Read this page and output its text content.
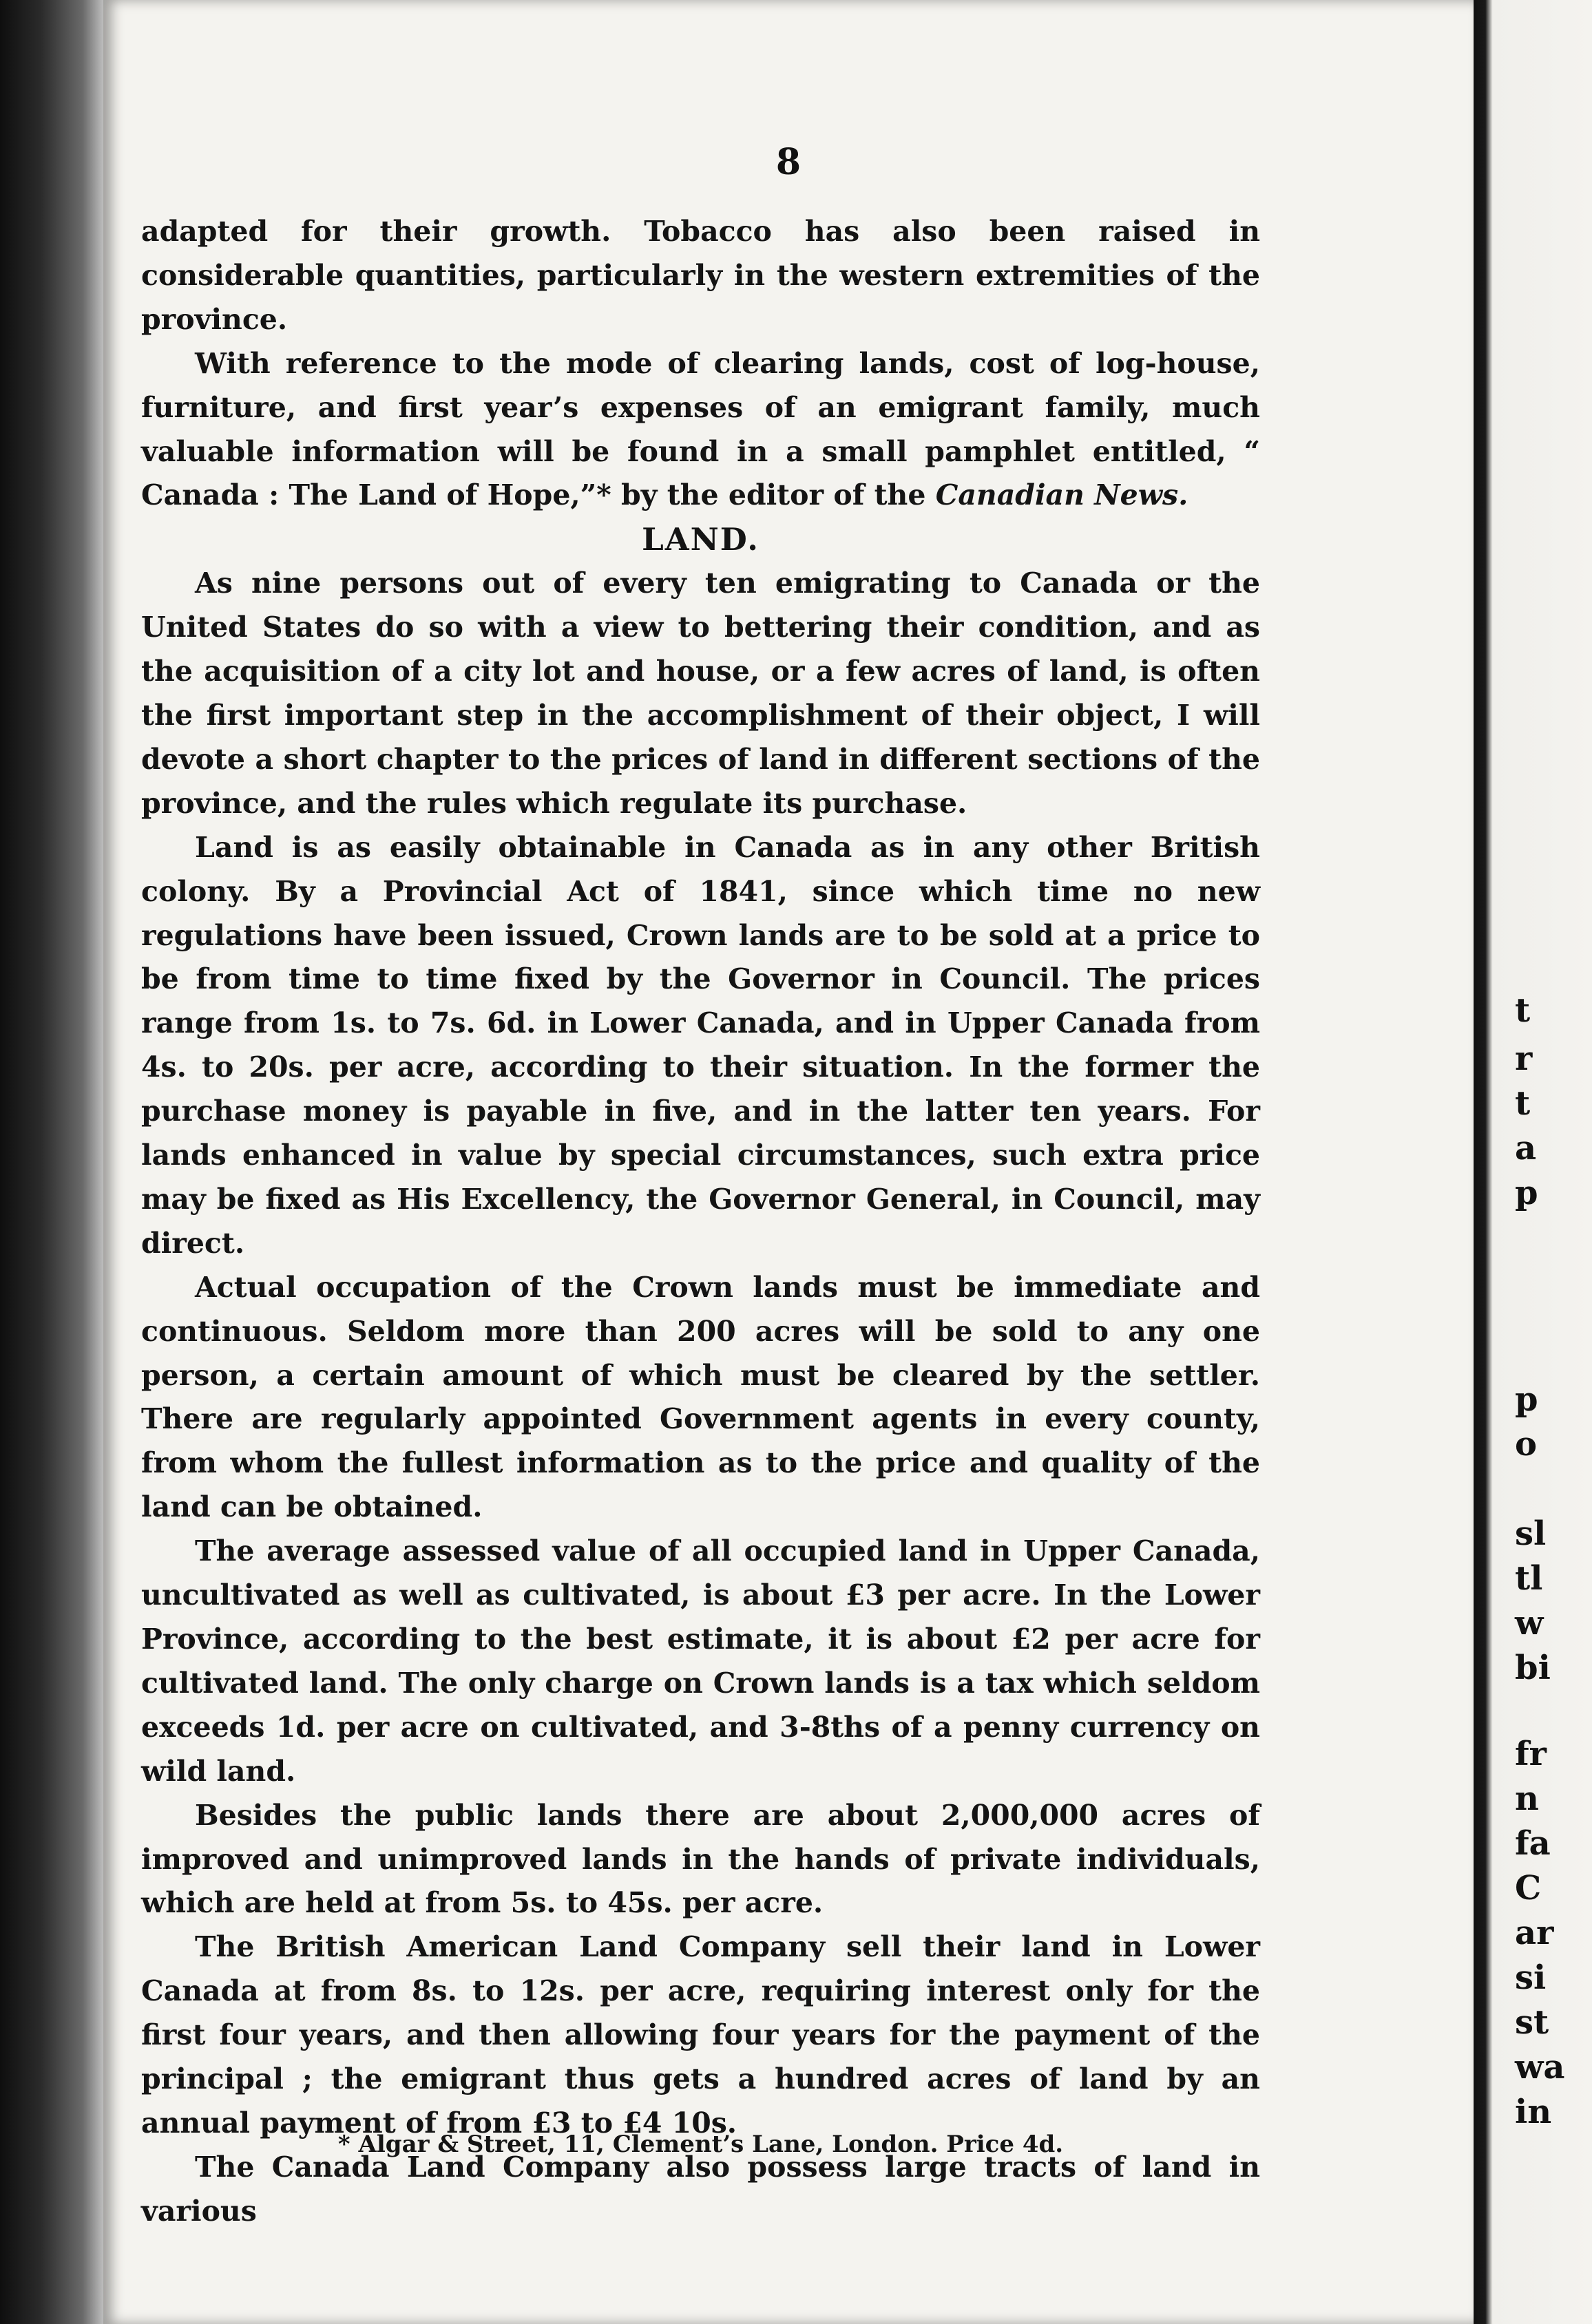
8

adapted for their growth. Tobacco has also been raised in considerable quantities, particularly in the western extremities of the province.

With reference to the mode of clearing lands, cost of log-house, furniture, and first year’s expenses of an emigrant family, much valuable information will be found in a small pamphlet entitled, “ Canada : The Land of Hope,”* by the editor of the Canadian News.

LAND.

As nine persons out of every ten emigrating to Canada or the United States do so with a view to bettering their condition, and as the acquisition of a city lot and house, or a few acres of land, is often the first important step in the accomplishment of their object, I will devote a short chapter to the prices of land in different sections of the province, and the rules which regulate its purchase.

Land is as easily obtainable in Canada as in any other British colony. By a Provincial Act of 1841, since which time no new regulations have been issued, Crown lands are to be sold at a price to be from time to time fixed by the Governor in Council. The prices range from 1s. to 7s. 6d. in Lower Canada, and in Upper Canada from 4s. to 20s. per acre, according to their situation. In the former the purchase money is payable in five, and in the latter ten years. For lands enhanced in value by special circumstances, such extra price may be fixed as His Excellency, the Governor General, in Council, may direct.

Actual occupation of the Crown lands must be immediate and continuous. Seldom more than 200 acres will be sold to any one person, a certain amount of which must be cleared by the settler. There are regularly appointed Government agents in every county, from whom the fullest information as to the price and quality of the land can be obtained.

The average assessed value of all occupied land in Upper Canada, uncultivated as well as cultivated, is about £3 per acre. In the Lower Province, according to the best estimate, it is about £2 per acre for cultivated land. The only charge on Crown lands is a tax which seldom exceeds 1d. per acre on cultivated, and 3-8ths of a penny currency on wild land.

Besides the public lands there are about 2,000,000 acres of improved and unimproved lands in the hands of private individuals, which are held at from 5s. to 45s. per acre.

The British American Land Company sell their land in Lower Canada at from 8s. to 12s. per acre, requiring interest only for the first four years, and then allowing four years for the payment of the principal ; the emigrant thus gets a hundred acres of land by an annual payment of from £3 to £4 10s.

The Canada Land Company also possess large tracts of land in various

* Algar & Street, 11, Clement’s Lane, London. Price 4d.
t
r
t
a
p
p
o
sl
tl
w
bi
fr
n
fa
C
ar
si
st
wa
in
